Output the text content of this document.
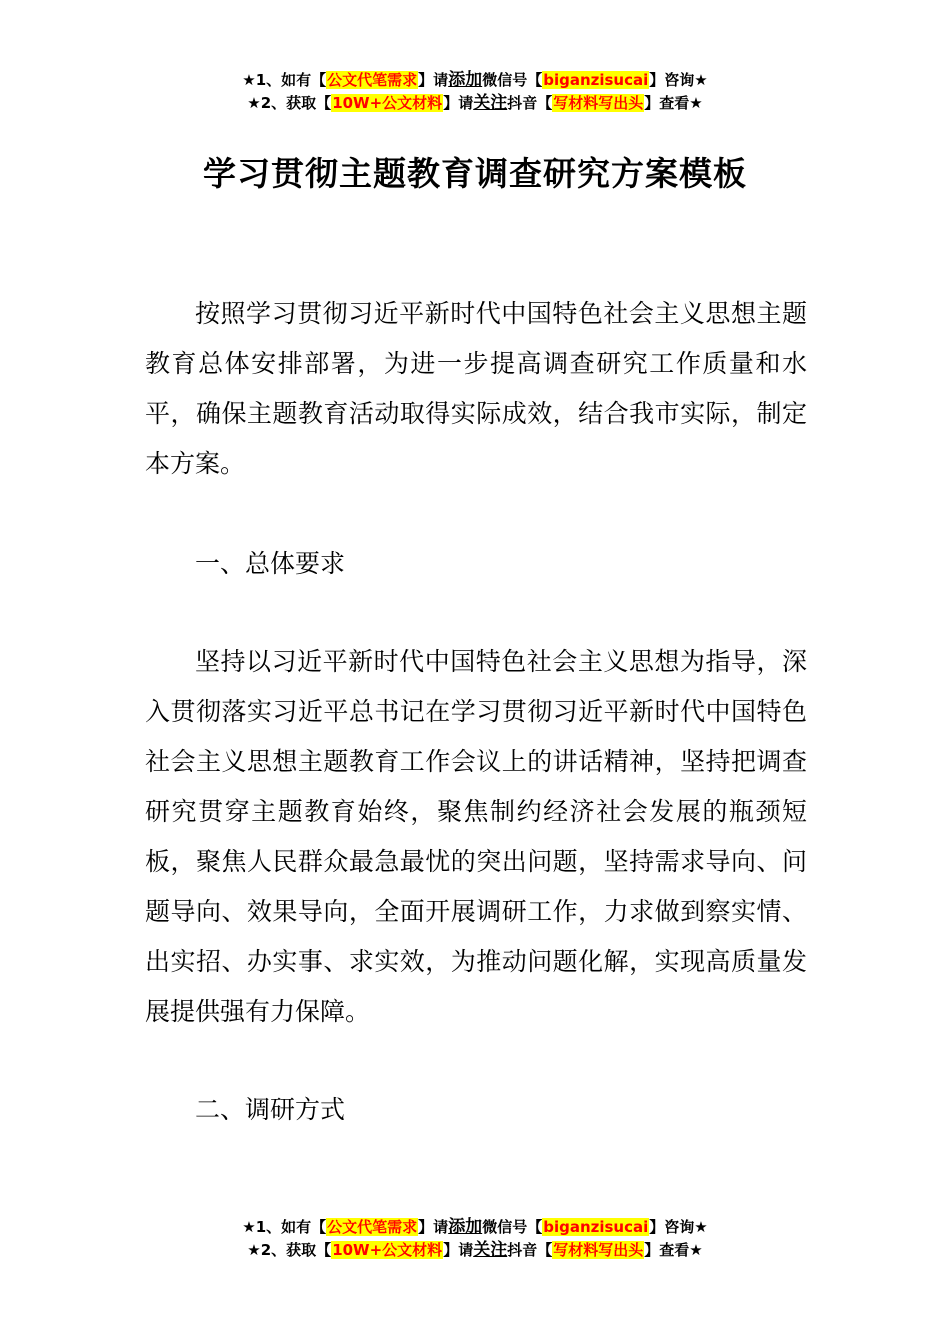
★1、如有【公文代笔需求】请添加微信号【biganzisucai】咨询★
★2、获取【10W+公文材料】请关注抖音【写材料写出头】查看★
学习贯彻主题教育调查研究方案模板

按照学习贯彻习近平新时代中国特色社会主义思想主题教育总体安排部署，为进一步提高调查研究工作质量和水平，确保主题教育活动取得实际成效，结合我市实际，制定本方案。

一、总体要求

坚持以习近平新时代中国特色社会主义思想为指导，深入贯彻落实习近平总书记在学习贯彻习近平新时代中国特色社会主义思想主题教育工作会议上的讲话精神，坚持把调查研究贯穿主题教育始终，聚焦制约经济社会发展的瓶颈短板，聚焦人民群众最急最忧的突出问题，坚持需求导向、问题导向、效果导向，全面开展调研工作，力求做到察实情、出实招、办实事、求实效，为推动问题化解，实现高质量发展提供强有力保障。

二、调研方式

★1、如有【公文代笔需求】请添加微信号【biganzisucai】咨询★
★2、获取【10W+公文材料】请关注抖音【写材料写出头】查看★
